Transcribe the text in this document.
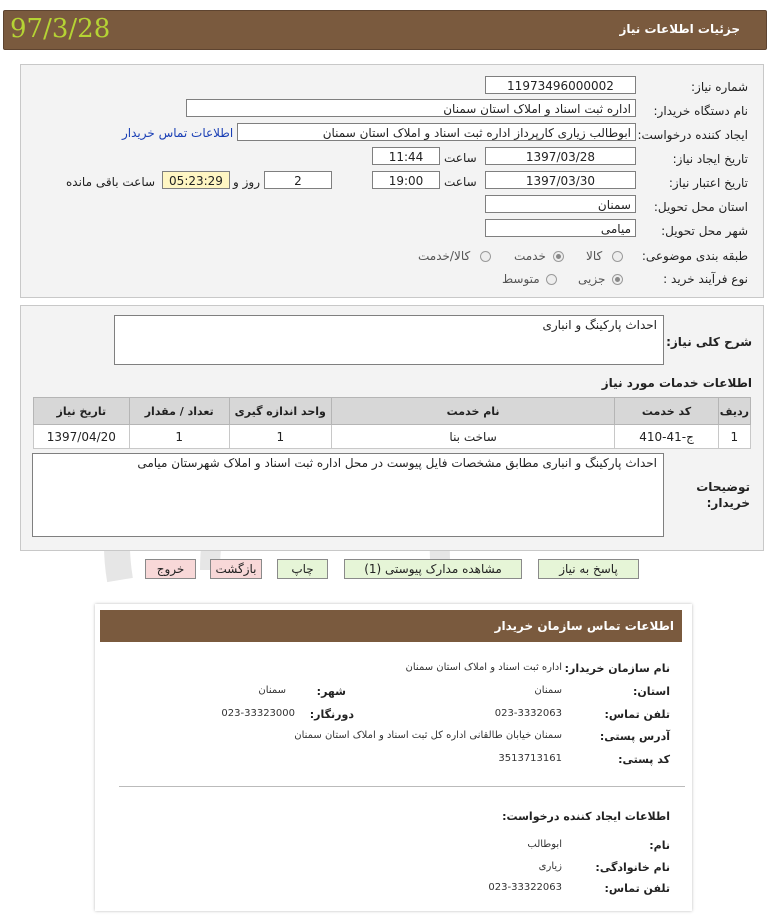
جزئیات اطلاعات نیاز
97/3/28
شماره نیاز:
11973496000002
نام دستگاه خریدار:
اداره ثبت اسناد و املاک استان سمنان
ایجاد کننده درخواست:
ابوطالب زیاری کارپرداز اداره ثبت اسناد و املاک استان سمنان
اطلاعات تماس خریدار
تاریخ ایجاد نیاز:
1397/03/28
ساعت
11:44
تاریخ اعتبار نیاز:
1397/03/30
ساعت
19:00
2
روز و
05:23:29
ساعت باقی مانده
استان محل تحویل:
سمنان
شهر محل تحویل:
میامی
طبقه بندی موضوعی:
کالا
خدمت
کالا/خدمت
نوع فرآیند خرید :
جزیی
متوسط
شرح کلی نیاز:
احداث پارکینگ و انباری
اطلاعات خدمات مورد نیاز
تاریخ نیاز	تعداد / مقدار	واحد اندازه گیری	نام خدمت	کد خدمت	ردیف
1397/04/20	1	1	ساخت بنا	ج-41-410	1
توضیحات
خریدار:
احداث پارکینگ و انباری مطابق مشخصات فایل پیوست در محل اداره ثبت اسناد و املاک شهرستان میامی
پاسخ به نیاز
مشاهده مدارک پیوستی (1)
چاپ
بازگشت
خروج
اطلاعات تماس سازمان خریدار
نام سازمان خریدار:
اداره ثبت اسناد و املاک استان سمنان
استان:
سمنان
شهر:
سمنان
تلفن تماس:
023-3332063
دورنگار:
023-33323000
آدرس پستی:
سمنان خیابان طالقانی اداره کل ثبت اسناد و املاک استان سمنان
کد پستی:
3513713161
اطلاعات ایجاد کننده درخواست:
نام:
ابوطالب
نام خانوادگی:
زیاری
تلفن تماس:
023-33322063
